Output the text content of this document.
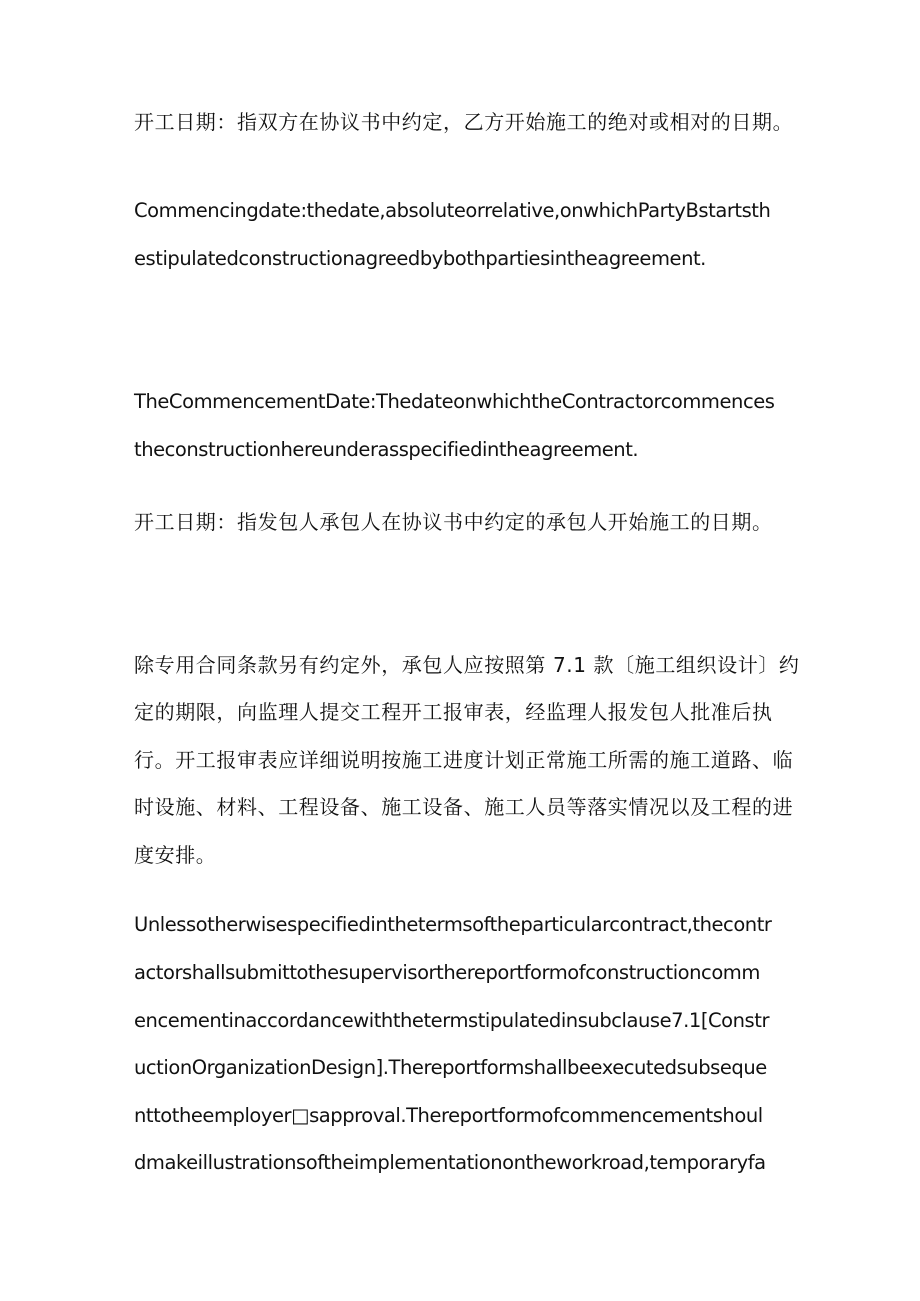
开工日期：指双方在协议书中约定，乙方开始施工的绝对或相对的日期。
Commencingdate:thedate,absoluteorrelative,onwhichPartyBstartsth
estipulatedconstructionagreedbybothpartiesintheagreement.
TheCommencementDate:ThedateonwhichtheContractorcommences
theconstructionhereunderasspecifiedintheagreement.
开工日期：指发包人承包人在协议书中约定的承包人开始施工的日期。
除专用合同条款另有约定外，承包人应按照第 7.1 款〔施工组织设计〕约
定的期限，向监理人提交工程开工报审表，经监理人报发包人批准后执
行。开工报审表应详细说明按施工进度计划正常施工所需的施工道路、临
时设施、材料、工程设备、施工设备、施工人员等落实情况以及工程的进
度安排。
Unlessotherwisespecifiedinthetermsoftheparticularcontract,thecontr
actorshallsubmittothesupervisorthereportformofconstructioncomm
encementinaccordancewiththetermstipulatedinsubclause7.1[Constr
uctionOrganizationDesign].Thereportformshallbeexecutedsubseque
nttotheemployer□sapproval.Thereportformofcommencementshoul
dmakeillustrationsoftheimplementationontheworkroad,temporaryfa
